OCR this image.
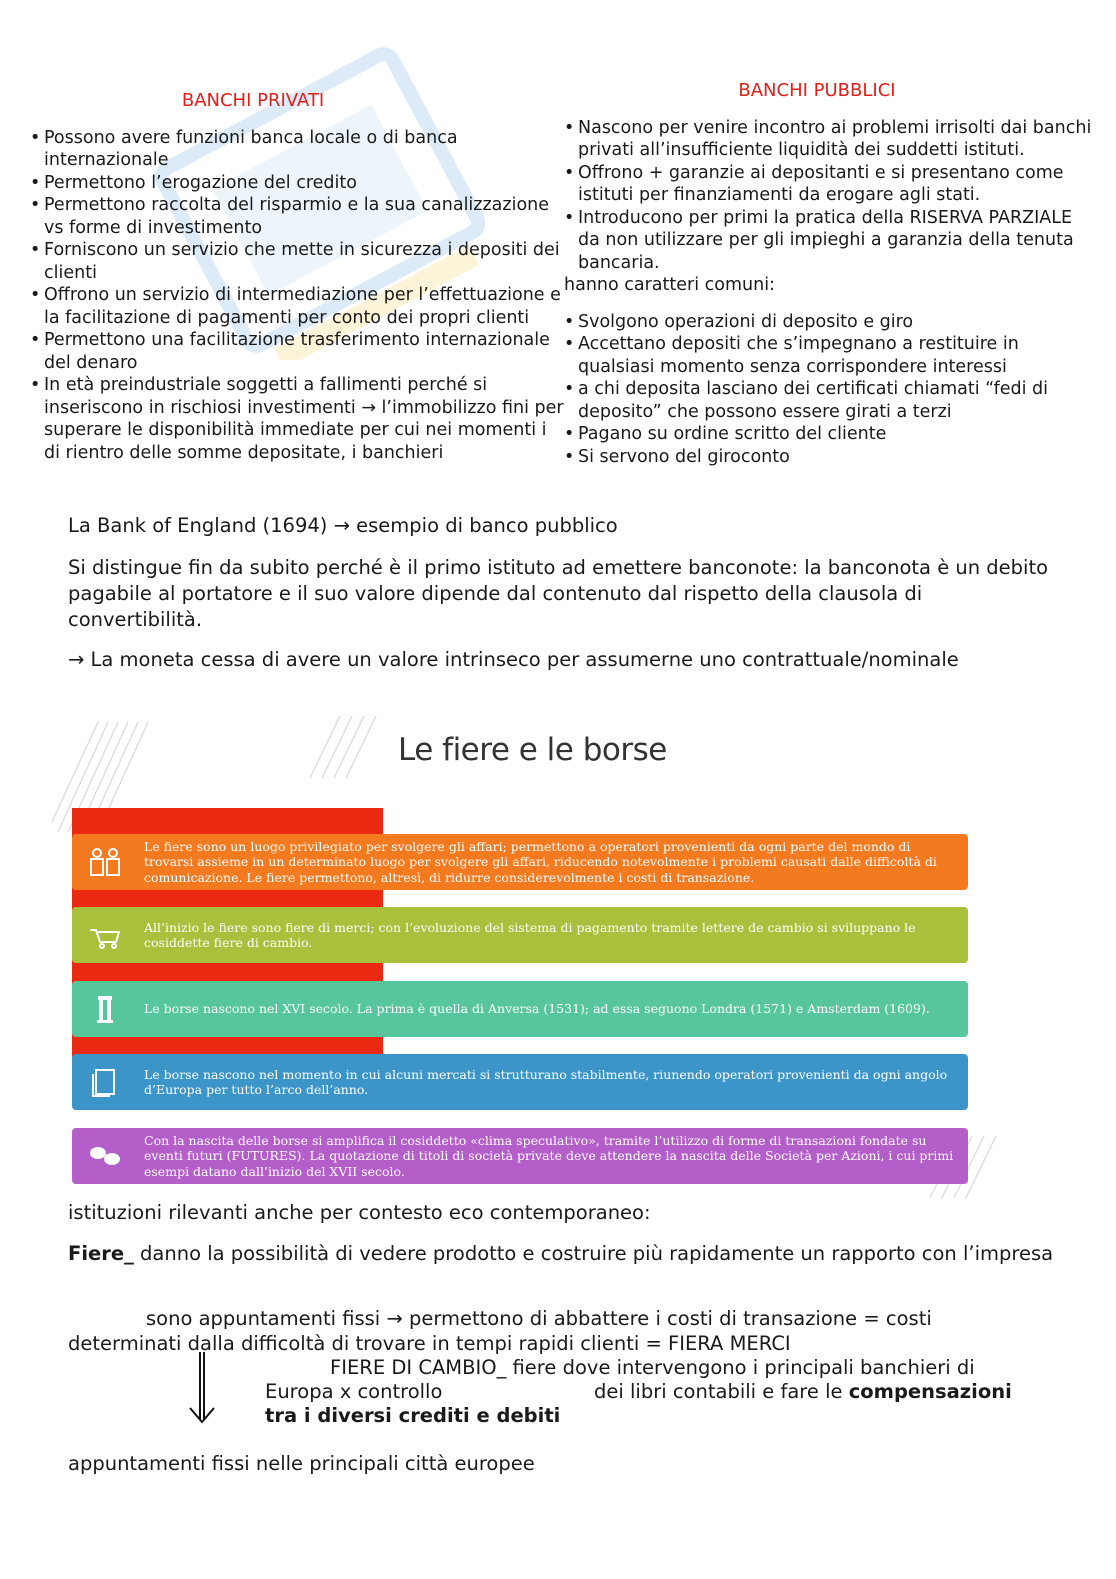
BANCHI PRIVATI
• Possono avere funzioni banca locale o di banca internazionale
• Permettono l’erogazione del credito
• Permettono raccolta del risparmio e la sua canalizzazione vs forme di investimento
• Forniscono un servizio che mette in sicurezza i depositi dei clienti
• Offrono un servizio di intermediazione per l’effettuazione e la facilitazione di pagamenti per conto dei propri clienti
• Permettono una facilitazione trasferimento internazionale del denaro
• In età preindustriale soggetti a fallimenti perché si inseriscono in rischiosi investimenti → l’immobilizzo fini per superare le disponibilità immediate per cui nei momenti i di rientro delle somme depositate, i banchieri
BANCHI PUBBLICI
• Nascono per venire incontro ai problemi irrisolti dai banchi privati all’insufficiente liquidità dei suddetti istituti.
• Offrono + garanzie ai depositanti e si presentano come istituti per finanziamenti da erogare agli stati.
• Introducono per primi la pratica della RISERVA PARZIALE da non utilizzare per gli impieghi a garanzia della tenuta bancaria.

hanno caratteri comuni:

• Svolgono operazioni di deposito e giro
• Accettano depositi che s’impegnano a restituire in qualsiasi momento senza corrispondere interessi
• a chi deposita lasciano dei certificati chiamati “fedi di deposito” che possono essere girati a terzi
• Pagano su ordine scritto del cliente
• Si servono del giroconto

La Bank of England (1694) → esempio di banco pubblico

Si distingue fin da subito perché è il primo istituto ad emettere banconote: la banconota è un debito pagabile al portatore e il suo valore dipende dal contenuto dal rispetto della clausola di convertibilità.

→ La moneta cessa di avere un valore intrinseco per assumerne uno contrattuale/nominale

Le fiere e le borse
Le fiere sono un luogo privilegiato per svolgere gli affari; permettono a operatori provenienti da ogni parte del mondo di trovarsi assieme in un determinato luogo per svolgere gli affari, riducendo notevolmente i problemi causati dalle difficoltà di comunicazione. Le fiere permettono, altresì, di ridurre considerevolmente i costi di transazione.
All’inizio le fiere sono fiere di merci; con l’evoluzione del sistema di pagamento tramite lettere de cambio si sviluppano le cosiddette fiere di cambio.
Le borse nascono nel XVI secolo. La prima è quella di Anversa (1531); ad essa seguono Londra (1571) e Amsterdam (1609).
Le borse nascono nel momento in cui alcuni mercati si strutturano stabilmente, riunendo operatori provenienti da ogni angolo d’Europa per tutto l’arco dell’anno.
Con la nascita delle borse si amplifica il cosiddetto «clima speculativo», tramite l’utilizzo di forme di transazioni fondate su eventi futuri (FUTURES). La quotazione di titoli di società private deve attendere la nascita delle Società per Azioni, i cui primi esempi datano dall’inizio del XVII secolo.

istituzioni rilevanti anche per contesto eco contemporaneo:

Fiere_ danno la possibilità di vedere prodotto e costruire più rapidamente un rapporto con l’impresa

sono appuntamenti fissi → permettono di abbattere i costi di transazione = costi

determinati dalla difficoltà di trovare in tempi rapidi clienti = FIERA MERCI

FIERE DI CAMBIO_ fiere dove intervengono i principali banchieri di

Europa x controllo	dei libri contabili e fare le compensazioni

tra i diversi crediti e debiti

appuntamenti fissi nelle principali città europee
